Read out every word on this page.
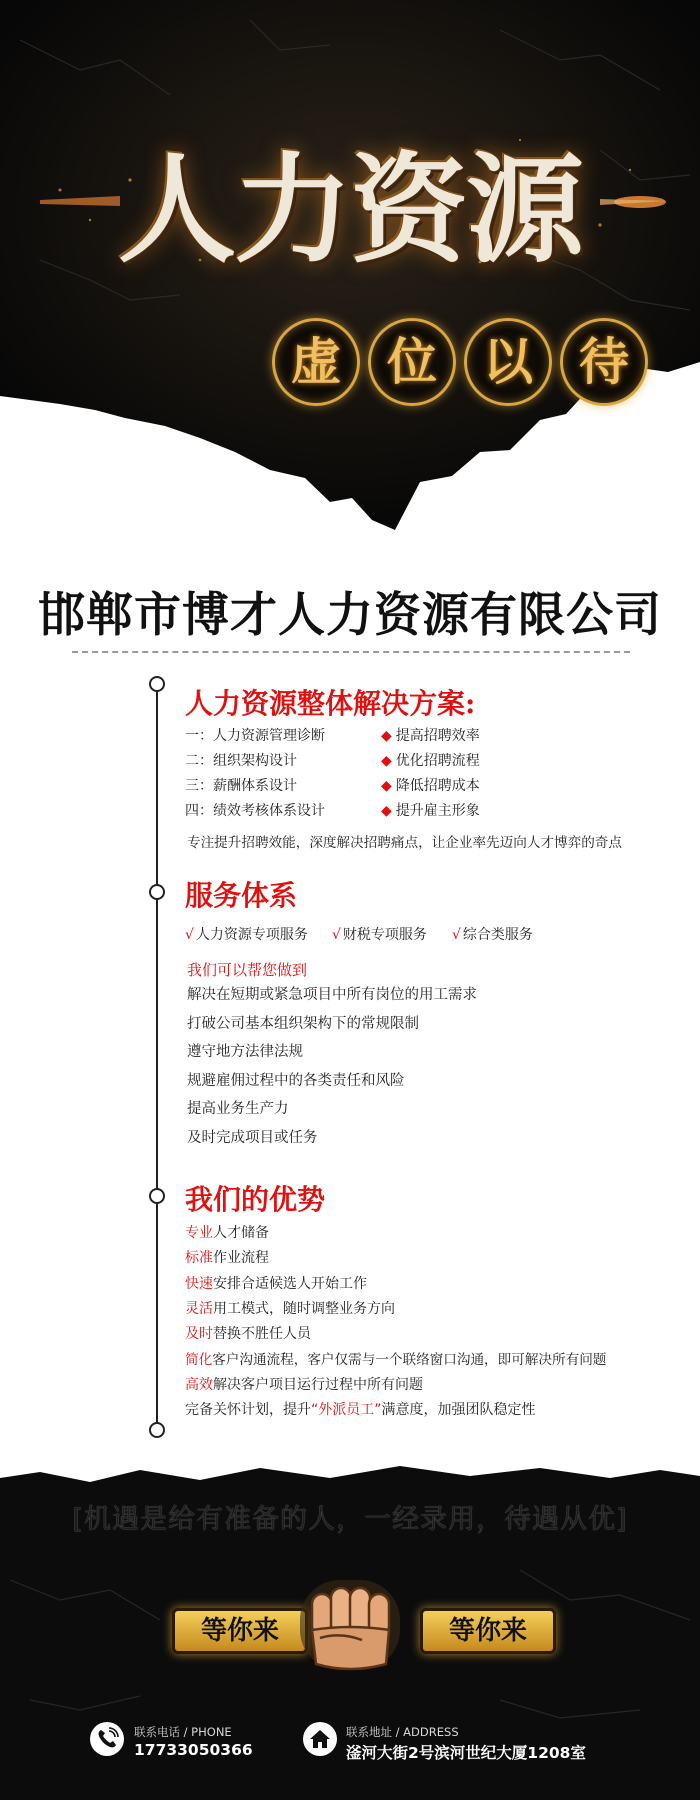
人力资源
虚 位 以 待
邯郸市博才人力资源有限公司
人力资源整体解决方案:
一：人力资源管理诊断	◆ 提高招聘效率
二：组织架构设计	◆ 优化招聘流程
三：薪酬体系设计	◆ 降低招聘成本
四：绩效考核体系设计	◆ 提升雇主形象
专注提升招聘效能，深度解决招聘痛点，让企业率先迈向人才博弈的奇点
服务体系
√ 人力资源专项服务 √ 财税专项服务 √ 综合类服务
我们可以帮您做到
解决在短期或紧急项目中所有岗位的用工需求
打破公司基本组织架构下的常规限制
遵守地方法律法规
规避雇佣过程中的各类责任和风险
提高业务生产力
及时完成项目或任务
我们的优势
专业人才储备
标准作业流程
快速安排合适候选人开始工作
灵活用工模式，随时调整业务方向
及时替换不胜任人员
简化客户沟通流程，客户仅需与一个联络窗口沟通，即可解决所有问题
高效解决客户项目运行过程中所有问题
完备关怀计划，提升“外派员工”满意度，加强团队稳定性
[机遇是给有准备的人，一经录用，待遇从优]
等你来	等你来
联系电话 / PHONE
17733050366
联系地址 / ADDRESS
滏河大街2号滨河世纪大厦1208室
